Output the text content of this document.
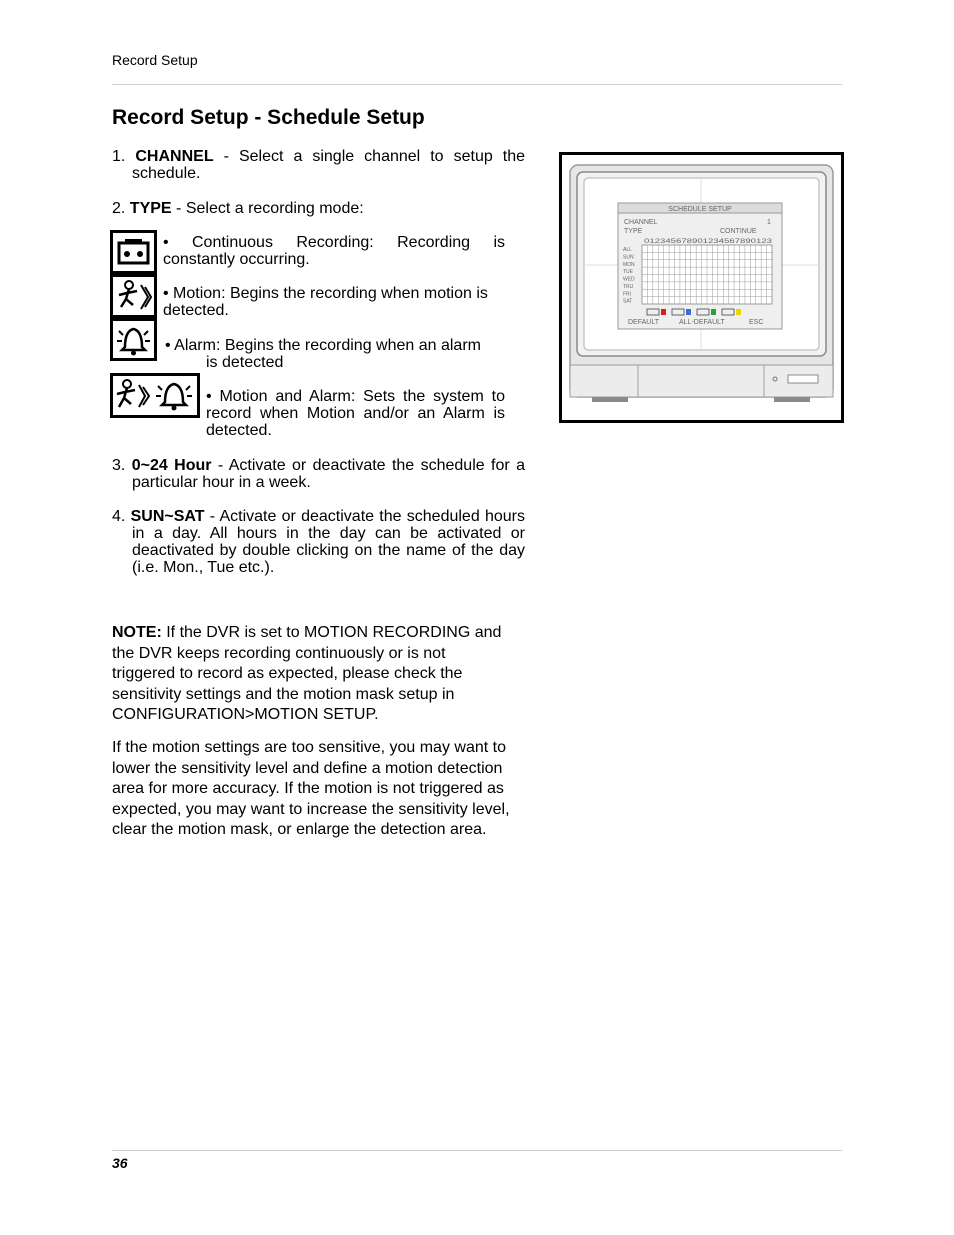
Record Setup
Record Setup - Schedule Setup
1. CHANNEL - Select a single channel to setup the schedule.
2. TYPE - Select a recording mode:
• Continuous Recording: Recording is constantly occurring.
• Motion: Begins the recording when motion is detected.
• Alarm: Begins the recording when an alarm
is detected
• Motion and Alarm: Sets the system to record when Motion and/or an Alarm is detected.
3. 0~24 Hour - Activate or deactivate the schedule for a particular hour in a week.
4. SUN~SAT - Activate or deactivate the scheduled hours in a day. All hours in the day can be activated or deactivated by double clicking on the name of the day (i.e. Mon., Tue etc.).
NOTE: If the DVR is set to MOTION RECORDING and the DVR keeps recording continuously or is not triggered to record as expected, please check the sensitivity settings and the motion mask setup in CONFIGURATION>MOTION SETUP.
If the motion settings are too sensitive, you may want to lower the sensitivity level and define a motion detection area for more accuracy. If the motion is not triggered as expected, you may want to increase the sensitivity level, clear the motion mask, or enlarge the detection area.
SCHEDULE SETUP
CHANNEL	1
TYPE	CONTINUE
012345678901234567890123
ALL
SUN
MON
TUE
WED
TRU
FRI
SAT
DEFAULT	ALL-DEFAULT	ESC
36
